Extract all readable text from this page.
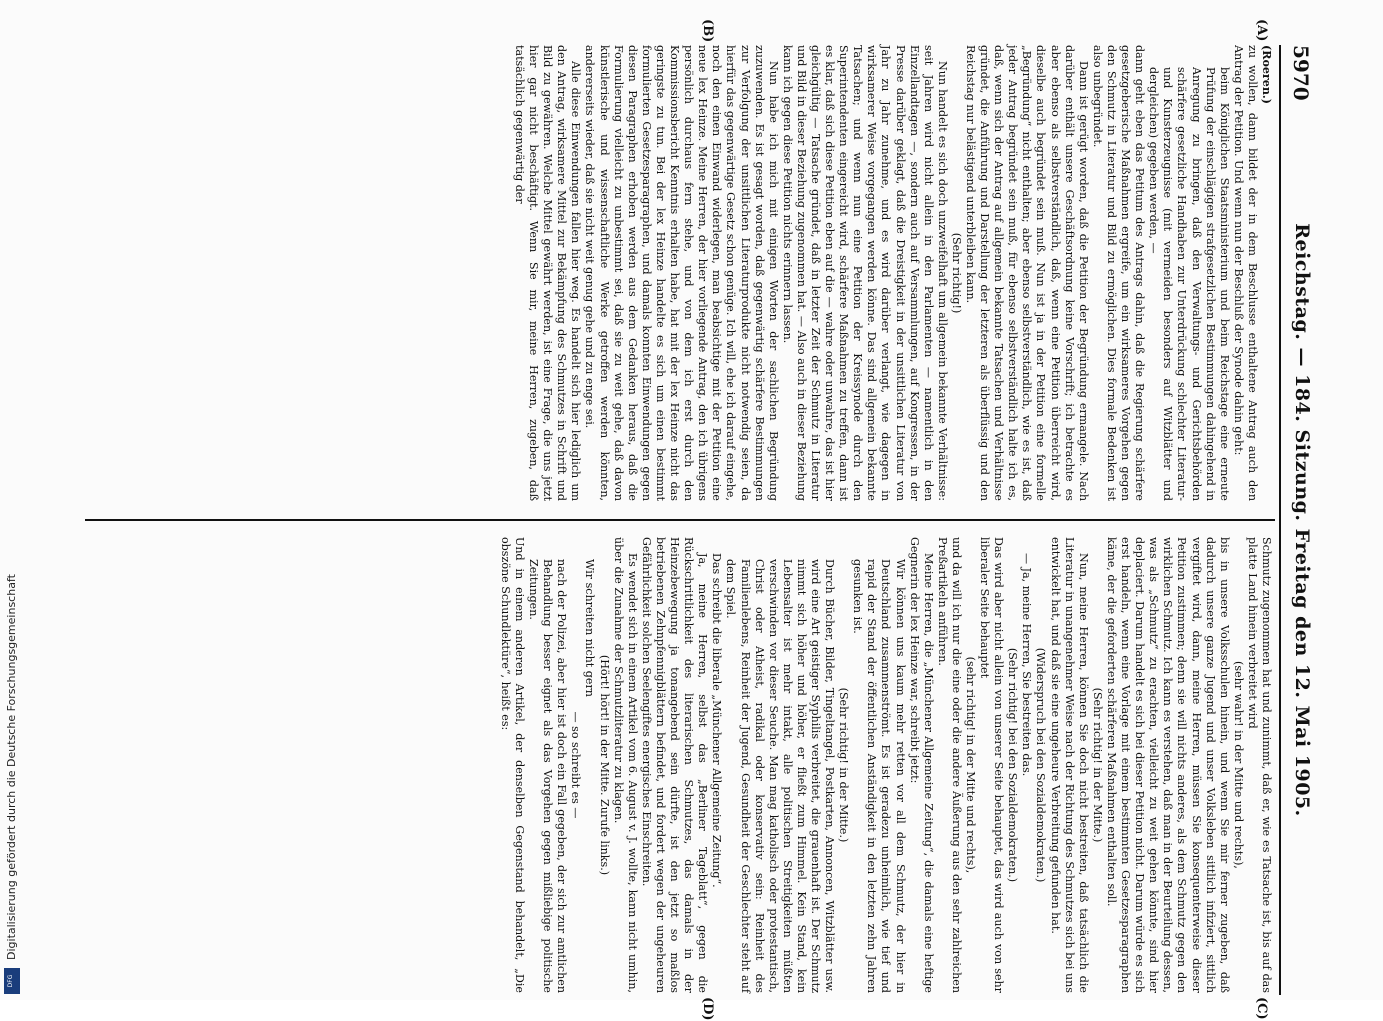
5970
Reichstag. — 184. Sitzung. Freitag den 12. Mai 1905.
(A)
(B)
(C)
(D)
(Roeren.)

zu wollen, dann bildet der in dem Beschlusse enthaltene Antrag auch den Antrag der Petition. Und wenn nun der Beschluß der Synode dahin geht:

beim Königlichen Staatsministerium und beim Reichstage eine erneute Prüfung der einschlägigen strafgesetzlichen Bestimmungen dahingehend in Anregung zu bringen, daß den Verwaltungs- und Gerichtsbehörden schärfere gesetzliche Handhaben zur Unterdrückung schlechter Literatur- und Kunsterzeugnisse (mit vermeiden besonders auf Witzblätter und dergleichen) gegeben werden, —

dann geht eben das Petitum des Antrags dahin, daß die Regierung schärfere gesetzgeberische Maßnahmen ergreife, um ein wirksameres Vorgehen gegen den Schmutz in Literatur und Bild zu ermöglichen. Dies formale Bedenken ist also unbegründet.

Dann ist gerügt worden, daß die Petition der Begründung ermangele. Nach darüber enthält unsere Geschäftsordnung keine Vorschrift; ich betrachte es aber ebenso als selbstverständlich, daß, wenn eine Petition überreicht wird, dieselbe auch begründet sein muß. Nun ist ja in der Petition eine formelle „Begründung“ nicht enthalten; aber ebenso selbstverständlich, wie es ist, daß jeder Antrag begründet sein muß, für ebenso selbstverständlich halte ich es, daß, wenn sich der Antrag auf allgemein bekannte Tatsachen und Verhältnisse gründet, die Anführung und Darstellung der letzteren als überflüssig und den Reichstag nur belästigend unterbleiben kann.

(Sehr richtig!)

Nun handelt es sich doch unzweifelhaft um allgemein bekannte Verhältnisse: seit Jahren wird nicht allein in den Parlamenten — namentlich in den Einzellandtagen —, sondern auch auf Versammlungen, auf Kongressen, in der Presse darüber geklagt, daß die Dreistigkeit in der unsittlichen Literatur von Jahr zu Jahr zunehme, und es wird darüber verlangt, wie dagegen in wirksamerer Weise vorgegangen werden könne. Das sind allgemein bekannte Tatsachen; und wenn nun eine Petition der Kreissynode durch den Superintendenten eingereicht wird, schärfere Maßnahmen zu treffen, dann ist es klar, daß sich diese Petition eben auf die — wahre oder unwahre, das ist hier gleichgültig — Tatsache gründet, daß in letzter Zeit der Schmutz in Literatur und Bild in dieser Beziehung zugenommen hat. — Also auch in dieser Beziehung kann ich gegen diese Petition nichts erinnern lassen.

Nun habe ich mich mit einigen Worten der sachlichen Begründung zuzuwenden. Es ist gesagt worden, daß gegenwärtig schärfere Bestimmungen zur Verfolgung der unsittlichen Literaturprodukte nicht notwendig seien, da hierfür das gegenwärtige Gesetz schon genüge. Ich will, ehe ich darauf eingehe, noch den einen Einwand widerlegen, man beabsichtige mit der Petition eine neue lex Heinze. Meine Herren, der hier vorliegende Antrag, den ich übrigens persönlich durchaus fern stehe, und von dem ich erst durch den Kommissionsbericht Kenntnis erhalten habe, hat mit der lex Heinze nicht das geringste zu tun. Bei der lex Heinze handelte es sich um einen bestimmt formulierten Gesetzesparagraphen, und damals konnten Einwendungen gegen diesen Paragraphen erhoben werden aus dem Gedanken heraus, daß die Formulierung vielleicht zu unbestimmt sei, daß sie zu weit gehe, daß davon künstlerische und wissenschaftliche Werke getroffen werden könnten, andererseits wieder, daß sie nicht weit genug gehe und zu enge sei.

Alle diese Einwendungen fallen hier weg. Es handelt sich hier lediglich um den Antrag, wirksamere Mittel zur Bekämpfung des Schmutzes in Schrift und Bild zu gewähren. Welche Mittel gewährt werden, ist eine Frage, die uns jetzt hier gar nicht beschäftigt. Wenn Sie mir, meine Herren, zugeben, daß tatsächlich gegenwärtig der

Schmutz zugenommen hat und zunimmt, daß er, wie es Tatsache ist, bis auf das platte Land hinein verbreitet wird

(sehr wahr! in der Mitte und rechts),

bis in unsere Volksschulen hinein, und wenn Sie mir ferner zugeben, daß dadurch unsere ganze Jugend und unser Volksleben sittlich infiziert, sittlich vergiftet wird, dann, meine Herren, müssen Sie konsequenterweise dieser Petition zustimmen; denn sie will nichts anderes, als dem Schmutz gegen den wirklichen Schmutz. Ich kann es verstehen, daß man in der Beurteilung dessen, was als „Schmutz“ zu erachten, vielleicht zu weit gehen könnte, sind hier deplaciert. Darum handelt es sich bei dieser Petition nicht. Darum würde es sich erst handeln, wenn eine Vorlage mit einem bestimmten Gesetzesparagraphen käme, der die geforderten schärferen Maßnahmen enthalten soll.

(Sehr richtig! in der Mitte.)

Nun, meine Herren, können Sie doch nicht bestreiten, daß tatsächlich die Literatur in unangenehmer Weise nach der Richtung des Schmutzes sich bei uns entwickelt hat, und daß sie eine ungeheure Verbreitung gefunden hat.

(Widerspruch bei den Sozialdemokraten.)

— Ja, meine Herren, Sie bestreiten das.

(Sehr richtig! bei den Sozialdemokraten.)

Das wird aber nicht allein von unserer Seite behauptet, das wird auch von sehr liberaler Seite behauptet

(sehr richtig! in der Mitte und rechts),

und da will ich nur die eine oder die andere Äußerung aus den sehr zahlreichen Preßartikeln anführen.

Meine Herren, die „Münchener Allgemeine Zeitung“, die damals eine heftige Gegnerin der lex Heinze war, schreibt jetzt:

Wir können uns kaum mehr retten vor all dem Schmutz, der hier in Deutschland zusammenströmt. Es ist geradezu unheimlich, wie tief und rapid der Stand der öffentlichen Anständigkeit in den letzten zehn Jahren gesunken ist.

(Sehr richtig! in der Mitte.)

Durch Bücher, Bilder, Tingeltangel, Postkarten, Annoncen, Witzblätter usw. wird eine Art geistiger Syphilis verbreitet, die grauenhaft ist. Der Schmutz nimmt sich höher und höher, er fließt zum Himmel. Kein Stand, kein Lebensalter ist mehr intakt, alle politischen Streitigkeiten müßten verschwinden vor dieser Seuche. Man mag katholisch oder protestantisch, Christ oder Atheist, radikal oder konservativ sein: Reinheit des Familienlebens, Reinheit der Jugend, Gesundheit der Geschlechter steht auf dem Spiel.

Das schreibt die liberale „Münchener Allgemeine Zeitung“.

Ja, meine Herren, selbst das „Berliner Tageblatt“, gegen die Rückschrittlichkeit des literarischen Schmutzes, das damals in der Heinzebewegung ja tonangebend sein dürfte, ist den jetzt so maßlos betriebenen Zehnpfennigblättern befindet, und fordert wegen der ungeheuren Gefährlichkeit solchen Seelengiftes energisches Einschreiten.

Es wendet sich in einem Artikel vom 6. August v. J. wollte, kann nicht umhin, über die Zunahme der Schmutzliteratur zu klagen.

(Hört! hört! in der Mitte. Zurufe links.)

Wir schreiten nicht gern

— so schreibt es —

nach der Polizei, aber hier ist doch ein Fall gegeben, der sich zur amtlichen Behandlung besser eignet als das Vorgehen gegen mißliebige politische Zeitungen.

Und in einem anderen Artikel, der denselben Gegenstand behandelt, „Die obszöne Schundlektüre“, heißt es:

Digitalisierung gefördert durch die Deutsche Forschungsgemeinschaft
DFG
